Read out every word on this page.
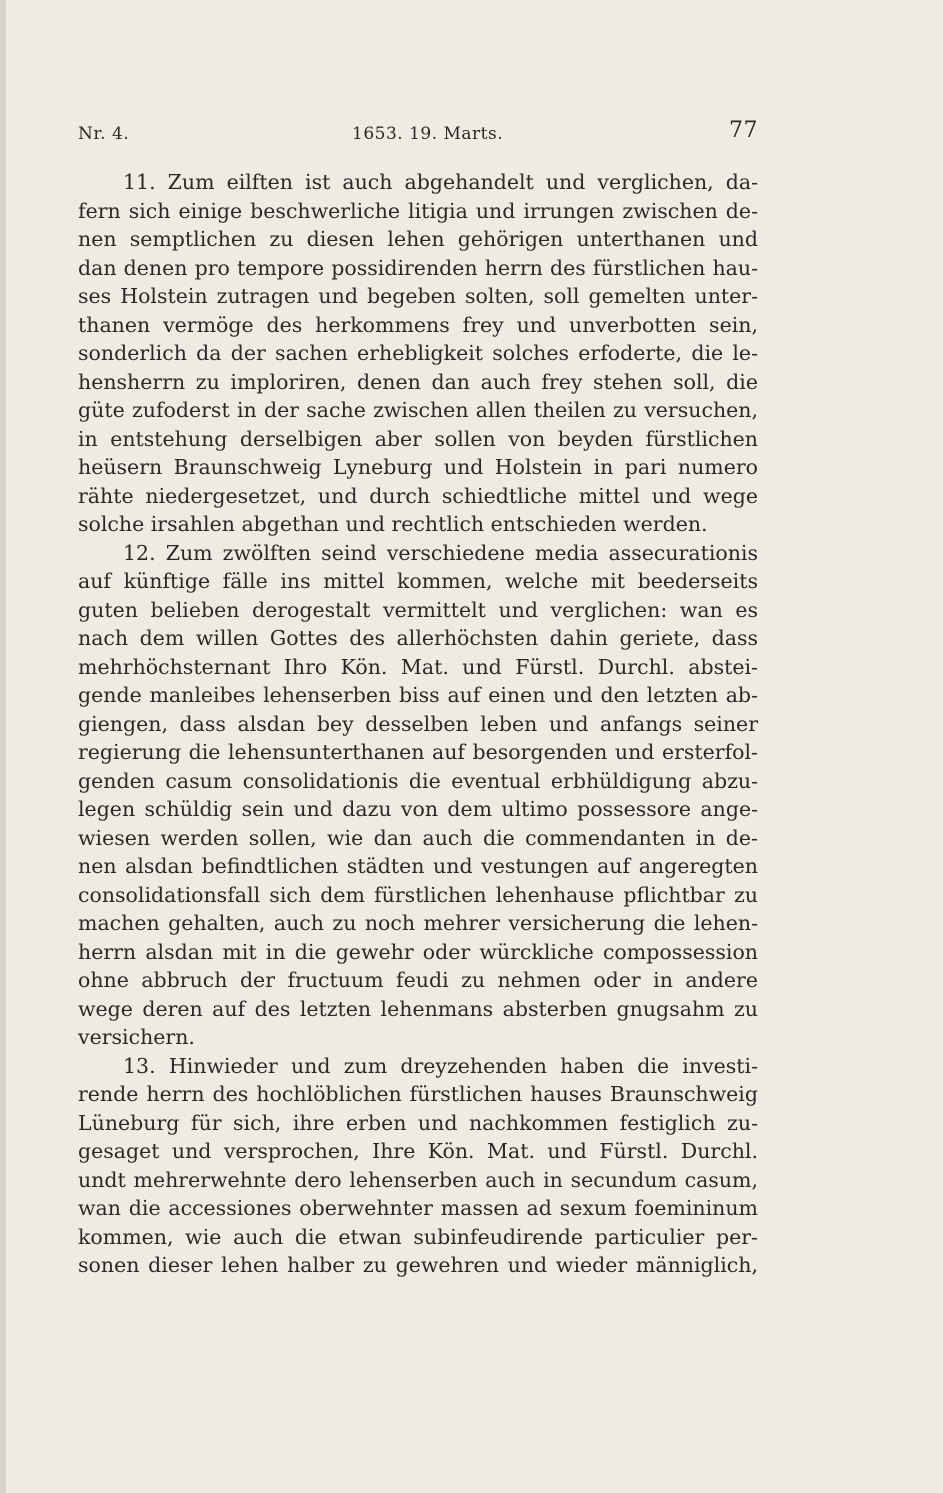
Nr. 4.	1653. 19. Marts.	77
11. Zum eilften ist auch abgehandelt und verglichen, da-
fern sich einige beschwerliche litigia und irrungen zwischen de-
nen semptlichen zu diesen lehen gehörigen unterthanen und
dan denen pro tempore possidirenden herrn des fürstlichen hau-
ses Holstein zutragen und begeben solten, soll gemelten unter-
thanen vermöge des herkommens frey und unverbotten sein,
sonderlich da der sachen erhebligkeit solches erfoderte, die le-
hensherrn zu imploriren, denen dan auch frey stehen soll, die
güte zufoderst in der sache zwischen allen theilen zu versuchen,
in entstehung derselbigen aber sollen von beyden fürstlichen
heüsern Braunschweig Lyneburg und Holstein in pari numero
rähte niedergesetzet, und durch schiedtliche mittel und wege
solche irsahlen abgethan und rechtlich entschieden werden.
12. Zum zwölften seind verschiedene media assecurationis
auf künftige fälle ins mittel kommen, welche mit beederseits
guten belieben derogestalt vermittelt und verglichen: wan es
nach dem willen Gottes des allerhöchsten dahin geriete, dass
mehrhöchsternant Ihro Kön. Mat. und Fürstl. Durchl. abstei-
gende manleibes lehenserben biss auf einen und den letzten ab-
giengen, dass alsdan bey desselben leben und anfangs seiner
regierung die lehensunterthanen auf besorgenden und ersterfol-
genden casum consolidationis die eventual erbhüldigung abzu-
legen schüldig sein und dazu von dem ultimo possessore ange-
wiesen werden sollen, wie dan auch die commendanten in de-
nen alsdan befindtlichen städten und vestungen auf angeregten
consolidationsfall sich dem fürstlichen lehenhause pflichtbar zu
machen gehalten, auch zu noch mehrer versicherung die lehen-
herrn alsdan mit in die gewehr oder würckliche compossession
ohne abbruch der fructuum feudi zu nehmen oder in andere
wege deren auf des letzten lehenmans absterben gnugsahm zu
versichern.
13. Hinwieder und zum dreyzehenden haben die investi-
rende herrn des hochlöblichen fürstlichen hauses Braunschweig
Lüneburg für sich, ihre erben und nachkommen festiglich zu-
gesaget und versprochen, Ihre Kön. Mat. und Fürstl. Durchl.
undt mehrerwehnte dero lehenserben auch in secundum casum,
wan die accessiones oberwehnter massen ad sexum foemininum
kommen, wie auch die etwan subinfeudirende particulier per-
sonen dieser lehen halber zu gewehren und wieder männiglich,
